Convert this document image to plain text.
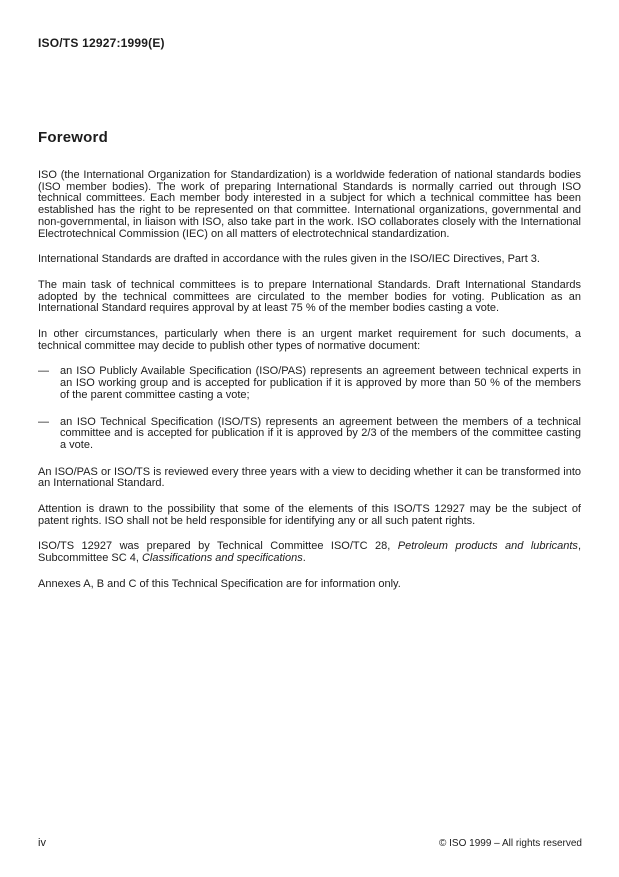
ISO/TS 12927:1999(E)
Foreword

ISO (the International Organization for Standardization) is a worldwide federation of national standards bodies (ISO member bodies). The work of preparing International Standards is normally carried out through ISO technical committees. Each member body interested in a subject for which a technical committee has been established has the right to be represented on that committee. International organizations, governmental and non-governmental, in liaison with ISO, also take part in the work. ISO collaborates closely with the International Electrotechnical Commission (IEC) on all matters of electrotechnical standardization.

International Standards are drafted in accordance with the rules given in the ISO/IEC Directives, Part 3.

The main task of technical committees is to prepare International Standards. Draft International Standards adopted by the technical committees are circulated to the member bodies for voting. Publication as an International Standard requires approval by at least 75 % of the member bodies casting a vote.

In other circumstances, particularly when there is an urgent market requirement for such documents, a technical committee may decide to publish other types of normative document:

—	an ISO Publicly Available Specification (ISO/PAS) represents an agreement between technical experts in an ISO working group and is accepted for publication if it is approved by more than 50 % of the members of the parent committee casting a vote;

—	an ISO Technical Specification (ISO/TS) represents an agreement between the members of a technical committee and is accepted for publication if it is approved by 2/3 of the members of the committee casting a vote.

An ISO/PAS or ISO/TS is reviewed every three years with a view to deciding whether it can be transformed into an International Standard.

Attention is drawn to the possibility that some of the elements of this ISO/TS 12927 may be the subject of patent rights. ISO shall not be held responsible for identifying any or all such patent rights.

ISO/TS 12927 was prepared by Technical Committee ISO/TC 28, Petroleum products and lubricants, Subcommittee SC 4, Classifications and specifications.

Annexes A, B and C of this Technical Specification are for information only.

iv	© ISO 1999 – All rights reserved
